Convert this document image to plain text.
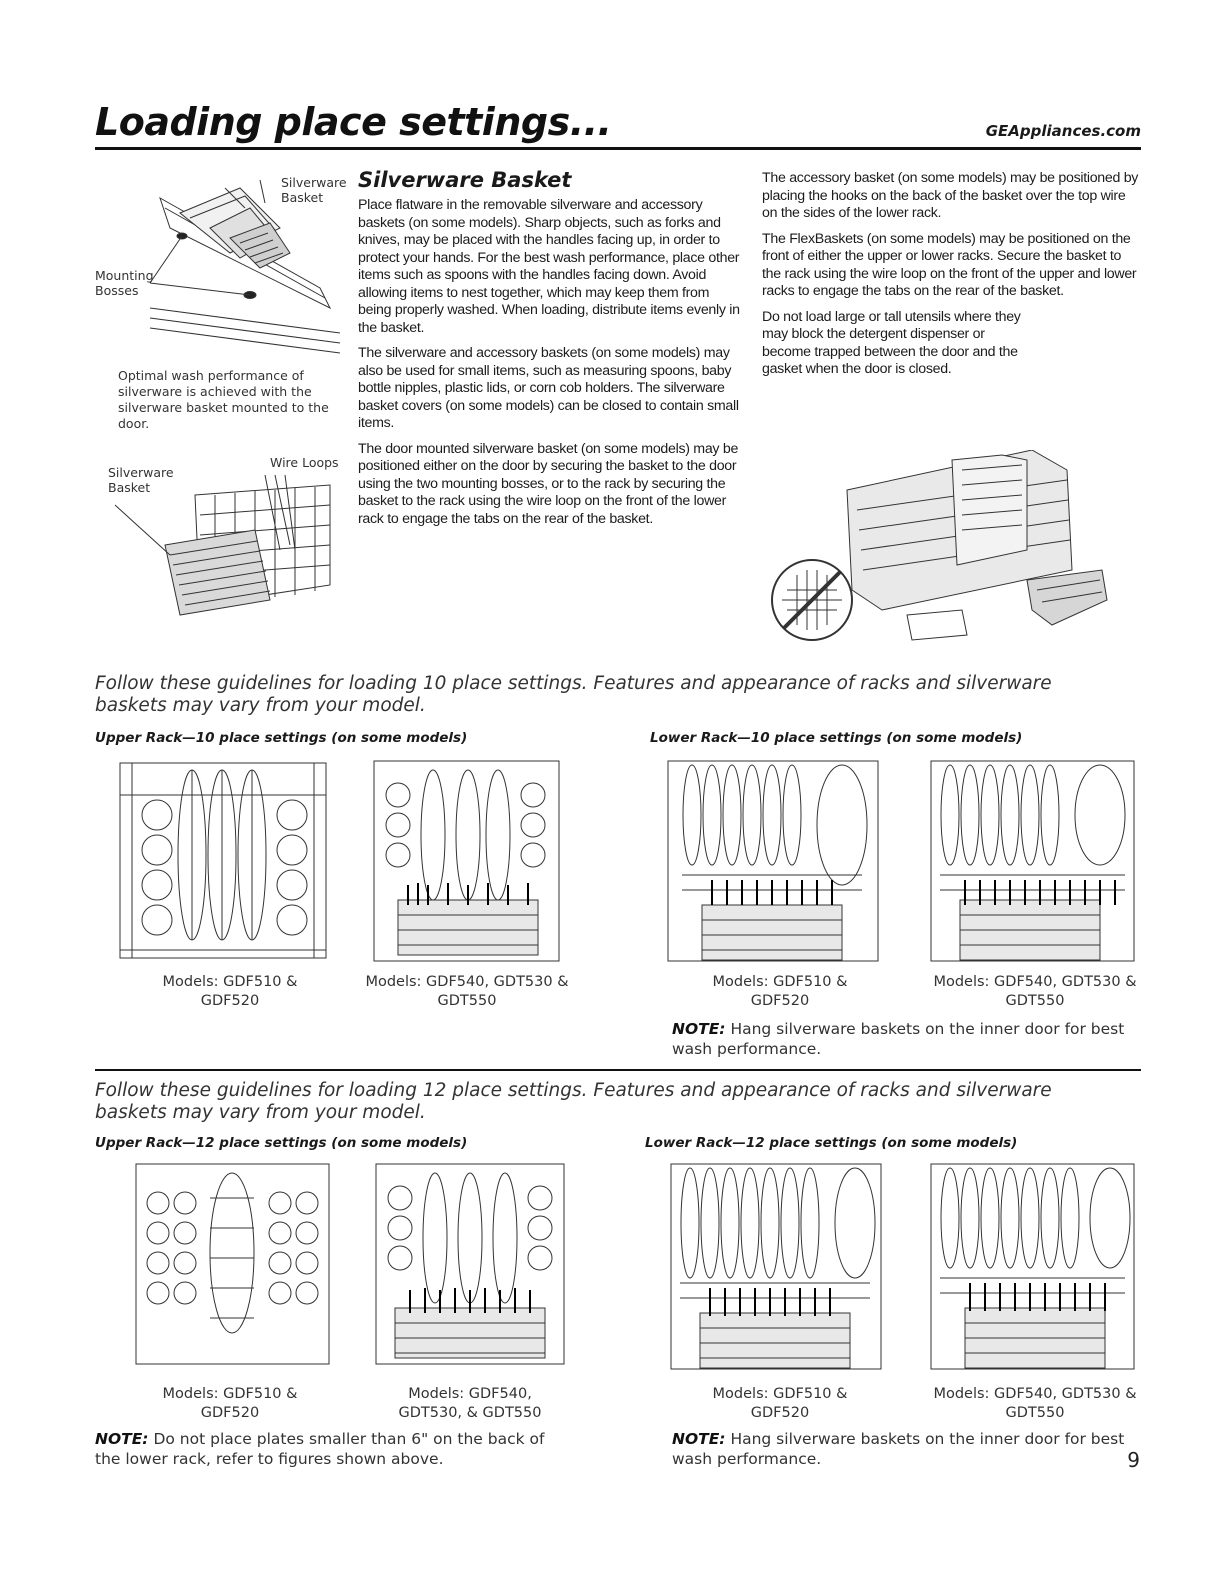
Loading place settings...	GEAppliances.com
Silverware Basket
Mounting Bosses
Optimal wash performance of silverware is achieved with the silverware basket mounted to the door.
Silverware Basket
Wire Loops
Silverware Basket

Place flatware in the removable silverware and accessory baskets (on some models). Sharp objects, such as forks and knives, may be placed with the handles facing up, in order to protect your hands. For the best wash performance, place other items such as spoons with the handles facing down. Avoid allowing items to nest together, which may keep them from being properly washed. When loading, distribute items evenly in the basket.

The silverware and accessory baskets (on some models) may also be used for small items, such as measuring spoons, baby bottle nipples, plastic lids, or corn cob holders. The silverware basket covers (on some models) can be closed to contain small items.

The door mounted silverware basket (on some models) may be positioned either on the door by securing the basket to the door using the two mounting bosses, or to the rack by securing the basket to the rack using the wire loop on the front of the lower rack to engage the tabs on the rear of the basket.

The accessory basket (on some models) may be positioned by placing the hooks on the back of the basket over the top wire on the sides of the lower rack.

The FlexBaskets (on some models) may be positioned on the front of either the upper or lower racks. Secure the basket to the rack using the wire loop on the front of the upper and lower racks to engage the tabs on the rear of the basket.

Do not load large or tall utensils where they may block the detergent dispenser or become trapped between the door and the gasket when the door is closed.

Follow these guidelines for loading 10 place settings. Features and appearance of racks and silverware baskets may vary from your model.
Upper Rack—10 place settings (on some models)	Lower Rack—10 place settings (on some models)
Models: GDF510 & GDF520
Models: GDF540, GDT530 & GDT550
Models: GDF510 & GDF520
Models: GDF540, GDT530 & GDT550
NOTE: Hang silverware baskets on the inner door for best wash performance.
Follow these guidelines for loading 12 place settings. Features and appearance of racks and silverware baskets may vary from your model.
Upper Rack—12 place settings (on some models)	Lower Rack—12 place settings (on some models)
Models: GDF510 & GDF520
Models: GDF540, GDT530, & GDT550
Models: GDF510 & GDF520
Models: GDF540, GDT530 & GDT550
NOTE: Do not place plates smaller than 6" on the back of the lower rack, refer to figures shown above.
NOTE: Hang silverware baskets on the inner door for best wash performance.	9
